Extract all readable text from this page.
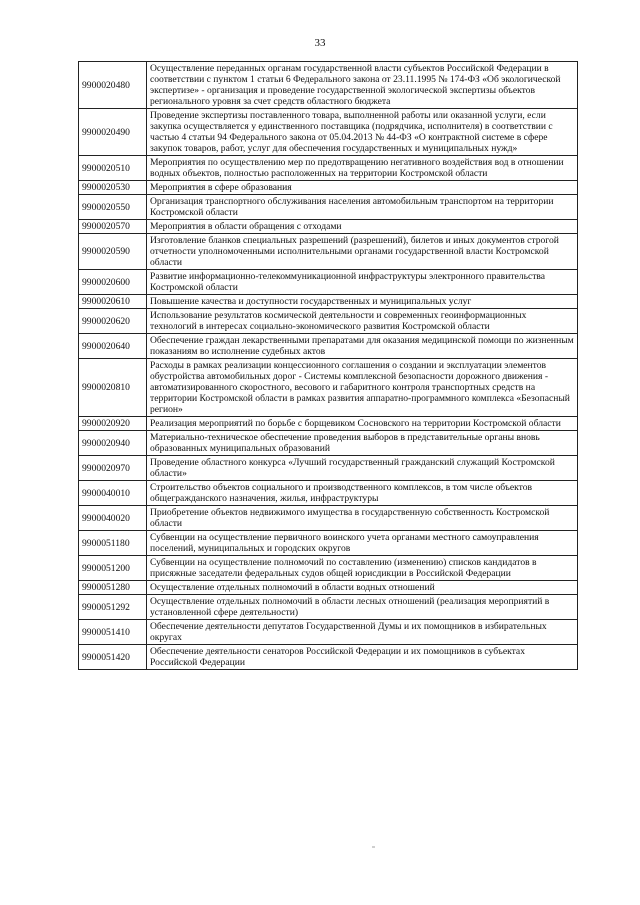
33
9900020480	Осуществление переданных органам государственной власти субъектов Российской Федерации в соответствии с пунктом 1 статьи 6 Федерального закона от 23.11.1995 № 174-ФЗ «Об экологической экспертизе» - организация и проведение государственной экологической экспертизы объектов регионального уровня за счет средств областного бюджета
9900020490	Проведение экспертизы поставленного товара, выполненной работы или оказанной услуги, если закупка осуществляется у единственного поставщика (подрядчика, исполнителя) в соответствии с частью 4 статьи 94 Федерального закона от 05.04.2013 № 44-ФЗ «О контрактной системе в сфере закупок товаров, работ, услуг для обеспечения государственных и муниципальных нужд»
9900020510	Мероприятия по осуществлению мер по предотвращению негативного воздействия вод в отношении водных объектов, полностью расположенных на территории Костромской области
9900020530	Мероприятия в сфере образования
9900020550	Организация транспортного обслуживания населения автомобильным транспортом на территории Костромской области
9900020570	Мероприятия в области обращения с отходами
9900020590	Изготовление бланков специальных разрешений (разрешений), билетов и иных документов строгой отчетности уполномоченными исполнительными органами государственной власти Костромской области
9900020600	Развитие информационно-телекоммуникационной инфраструктуры электронного правительства Костромской области
9900020610	Повышение качества и доступности государственных и муниципальных услуг
9900020620	Использование результатов космической деятельности и современных геоинформационных технологий в интересах социально-экономического развития Костромской области
9900020640	Обеспечение граждан лекарственными препаратами для оказания медицинской помощи по жизненным показаниям во исполнение судебных актов
9900020810	Расходы в рамках реализации концессионного соглашения о создании и эксплуатации элементов обустройства автомобильных дорог - Системы комплексной безопасности дорожного движения - автоматизированного скоростного, весового и габаритного контроля транспортных средств на территории Костромской области в рамках развития аппаратно-программного комплекса «Безопасный регион»
9900020920	Реализация мероприятий по борьбе с борщевиком Сосновского на территории Костромской области
9900020940	Материально-техническое обеспечение проведения выборов в представительные органы вновь образованных муниципальных образований
9900020970	Проведение областного конкурса «Лучший государственный гражданский служащий Костромской области»
9900040010	Строительство объектов социального и производственного комплексов, в том числе объектов общегражданского назначения, жилья, инфраструктуры
9900040020	Приобретение объектов недвижимого имущества в государственную собственность Костромской области
9900051180	Субвенции на осуществление первичного воинского учета органами местного самоуправления поселений, муниципальных и городских округов
9900051200	Субвенции на осуществление полномочий по составлению (изменению) списков кандидатов в присяжные заседатели федеральных судов общей юрисдикции в Российской Федерации
9900051280	Осуществление отдельных полномочий в области водных отношений
9900051292	Осуществление отдельных полномочий в области лесных отношений (реализация мероприятий в установленной сфере деятельности)
9900051410	Обеспечение деятельности депутатов Государственной Думы и их помощников в избирательных округах
9900051420	Обеспечение деятельности сенаторов Российской Федерации и их помощников в субъектах Российской Федерации
